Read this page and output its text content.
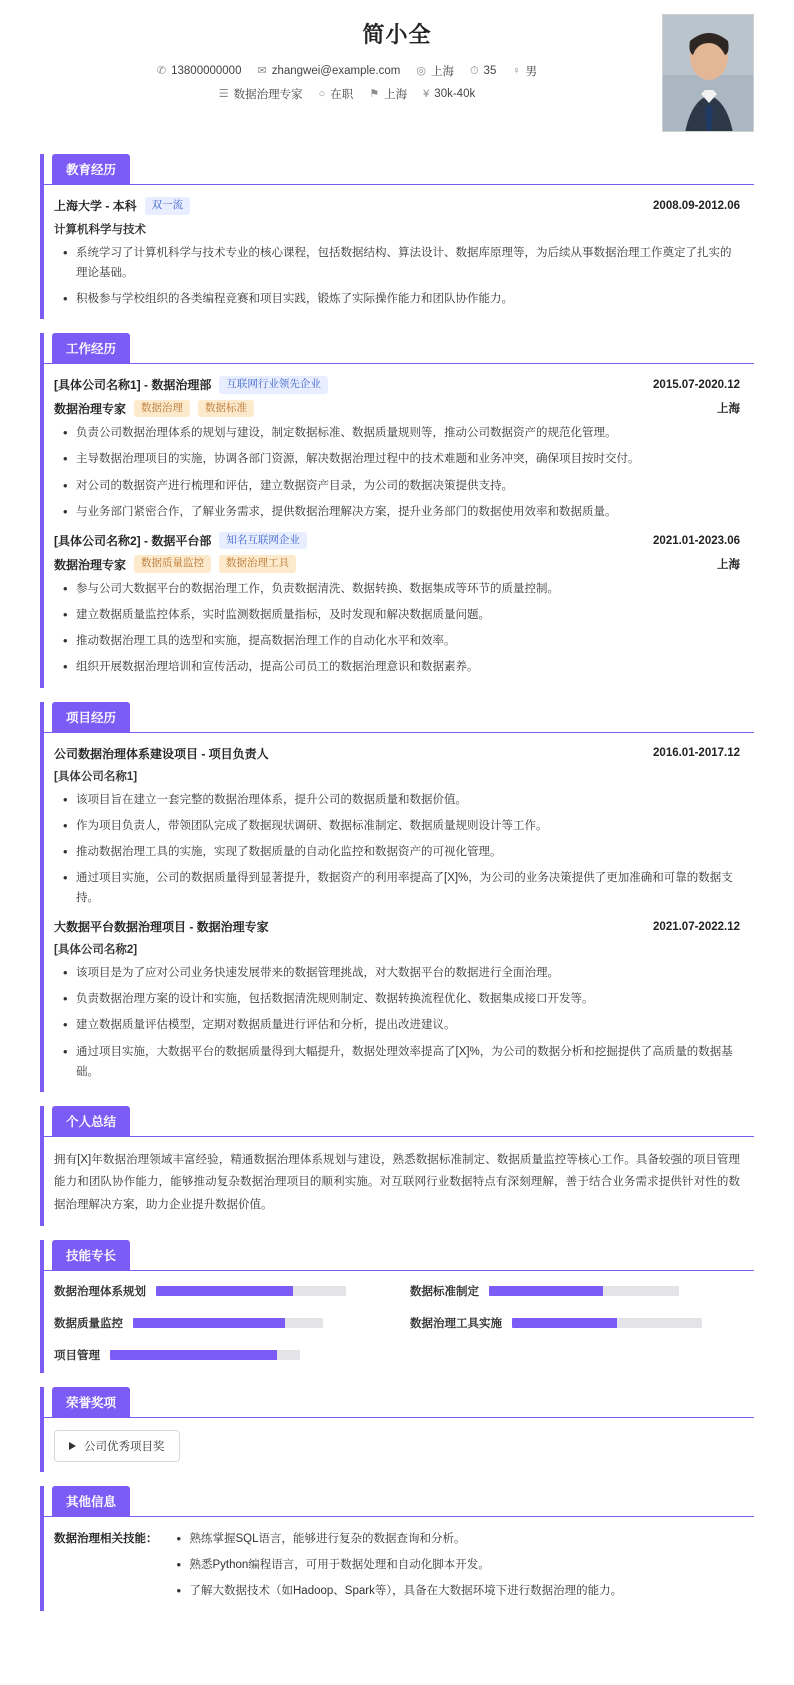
简小全
✆ 13800000000 ✉ zhangwei@example.com ◎ 上海 ⏱ 35 ♀ 男
☰ 数据治理专家 ○ 在职 ⚑ 上海 ¥ 30k-40k
教育经历
上海大学 - 本科	双一流	2008.09-2012.06
计算机科学与技术
• 系统学习了计算机科学与技术专业的核心课程，包括数据结构、算法设计、数据库原理等，为后续从事数据治理工作奠定了扎实的理论基础。
• 积极参与学校组织的各类编程竞赛和项目实践，锻炼了实际操作能力和团队协作能力。
工作经历
[具体公司名称1] - 数据治理部	互联网行业领先企业	2015.07-2020.12
数据治理专家	数据治理	数据标准	上海
• 负责公司数据治理体系的规划与建设，制定数据标准、数据质量规则等，推动公司数据资产的规范化管理。
• 主导数据治理项目的实施，协调各部门资源，解决数据治理过程中的技术难题和业务冲突，确保项目按时交付。
• 对公司的数据资产进行梳理和评估，建立数据资产目录，为公司的数据决策提供支持。
• 与业务部门紧密合作，了解业务需求，提供数据治理解决方案，提升业务部门的数据使用效率和数据质量。
[具体公司名称2] - 数据平台部	知名互联网企业	2021.01-2023.06
数据治理专家	数据质量监控	数据治理工具	上海
• 参与公司大数据平台的数据治理工作，负责数据清洗、数据转换、数据集成等环节的质量控制。
• 建立数据质量监控体系，实时监测数据质量指标，及时发现和解决数据质量问题。
• 推动数据治理工具的选型和实施，提高数据治理工作的自动化水平和效率。
• 组织开展数据治理培训和宣传活动，提高公司员工的数据治理意识和数据素养。
项目经历
公司数据治理体系建设项目 - 项目负责人	2016.01-2017.12
[具体公司名称1]
• 该项目旨在建立一套完整的数据治理体系，提升公司的数据质量和数据价值。
• 作为项目负责人，带领团队完成了数据现状调研、数据标准制定、数据质量规则设计等工作。
• 推动数据治理工具的实施，实现了数据质量的自动化监控和数据资产的可视化管理。
• 通过项目实施，公司的数据质量得到显著提升，数据资产的利用率提高了[X]%，为公司的业务决策提供了更加准确和可靠的数据支持。
大数据平台数据治理项目 - 数据治理专家	2021.07-2022.12
[具体公司名称2]
• 该项目是为了应对公司业务快速发展带来的数据管理挑战，对大数据平台的数据进行全面治理。
• 负责数据治理方案的设计和实施，包括数据清洗规则制定、数据转换流程优化、数据集成接口开发等。
• 建立数据质量评估模型，定期对数据质量进行评估和分析，提出改进建议。
• 通过项目实施，大数据平台的数据质量得到大幅提升，数据处理效率提高了[X]%，为公司的数据分析和挖掘提供了高质量的数据基础。
个人总结
拥有[X]年数据治理领域丰富经验，精通数据治理体系规划与建设，熟悉数据标准制定、数据质量监控等核心工作。具备较强的项目管理能力和团队协作能力，能够推动复杂数据治理项目的顺利实施。对互联网行业数据特点有深刻理解，善于结合业务需求提供针对性的数据治理解决方案，助力企业提升数据价值。
技能专长
数据治理体系规划	数据标准制定
数据质量监控	数据治理工具实施
项目管理
荣誉奖项
公司优秀项目奖
其他信息
数据治理相关技能：	• 熟练掌握SQL语言，能够进行复杂的数据查询和分析。
• 熟悉Python编程语言，可用于数据处理和自动化脚本开发。
• 了解大数据技术（如Hadoop、Spark等），具备在大数据环境下进行数据治理的能力。
